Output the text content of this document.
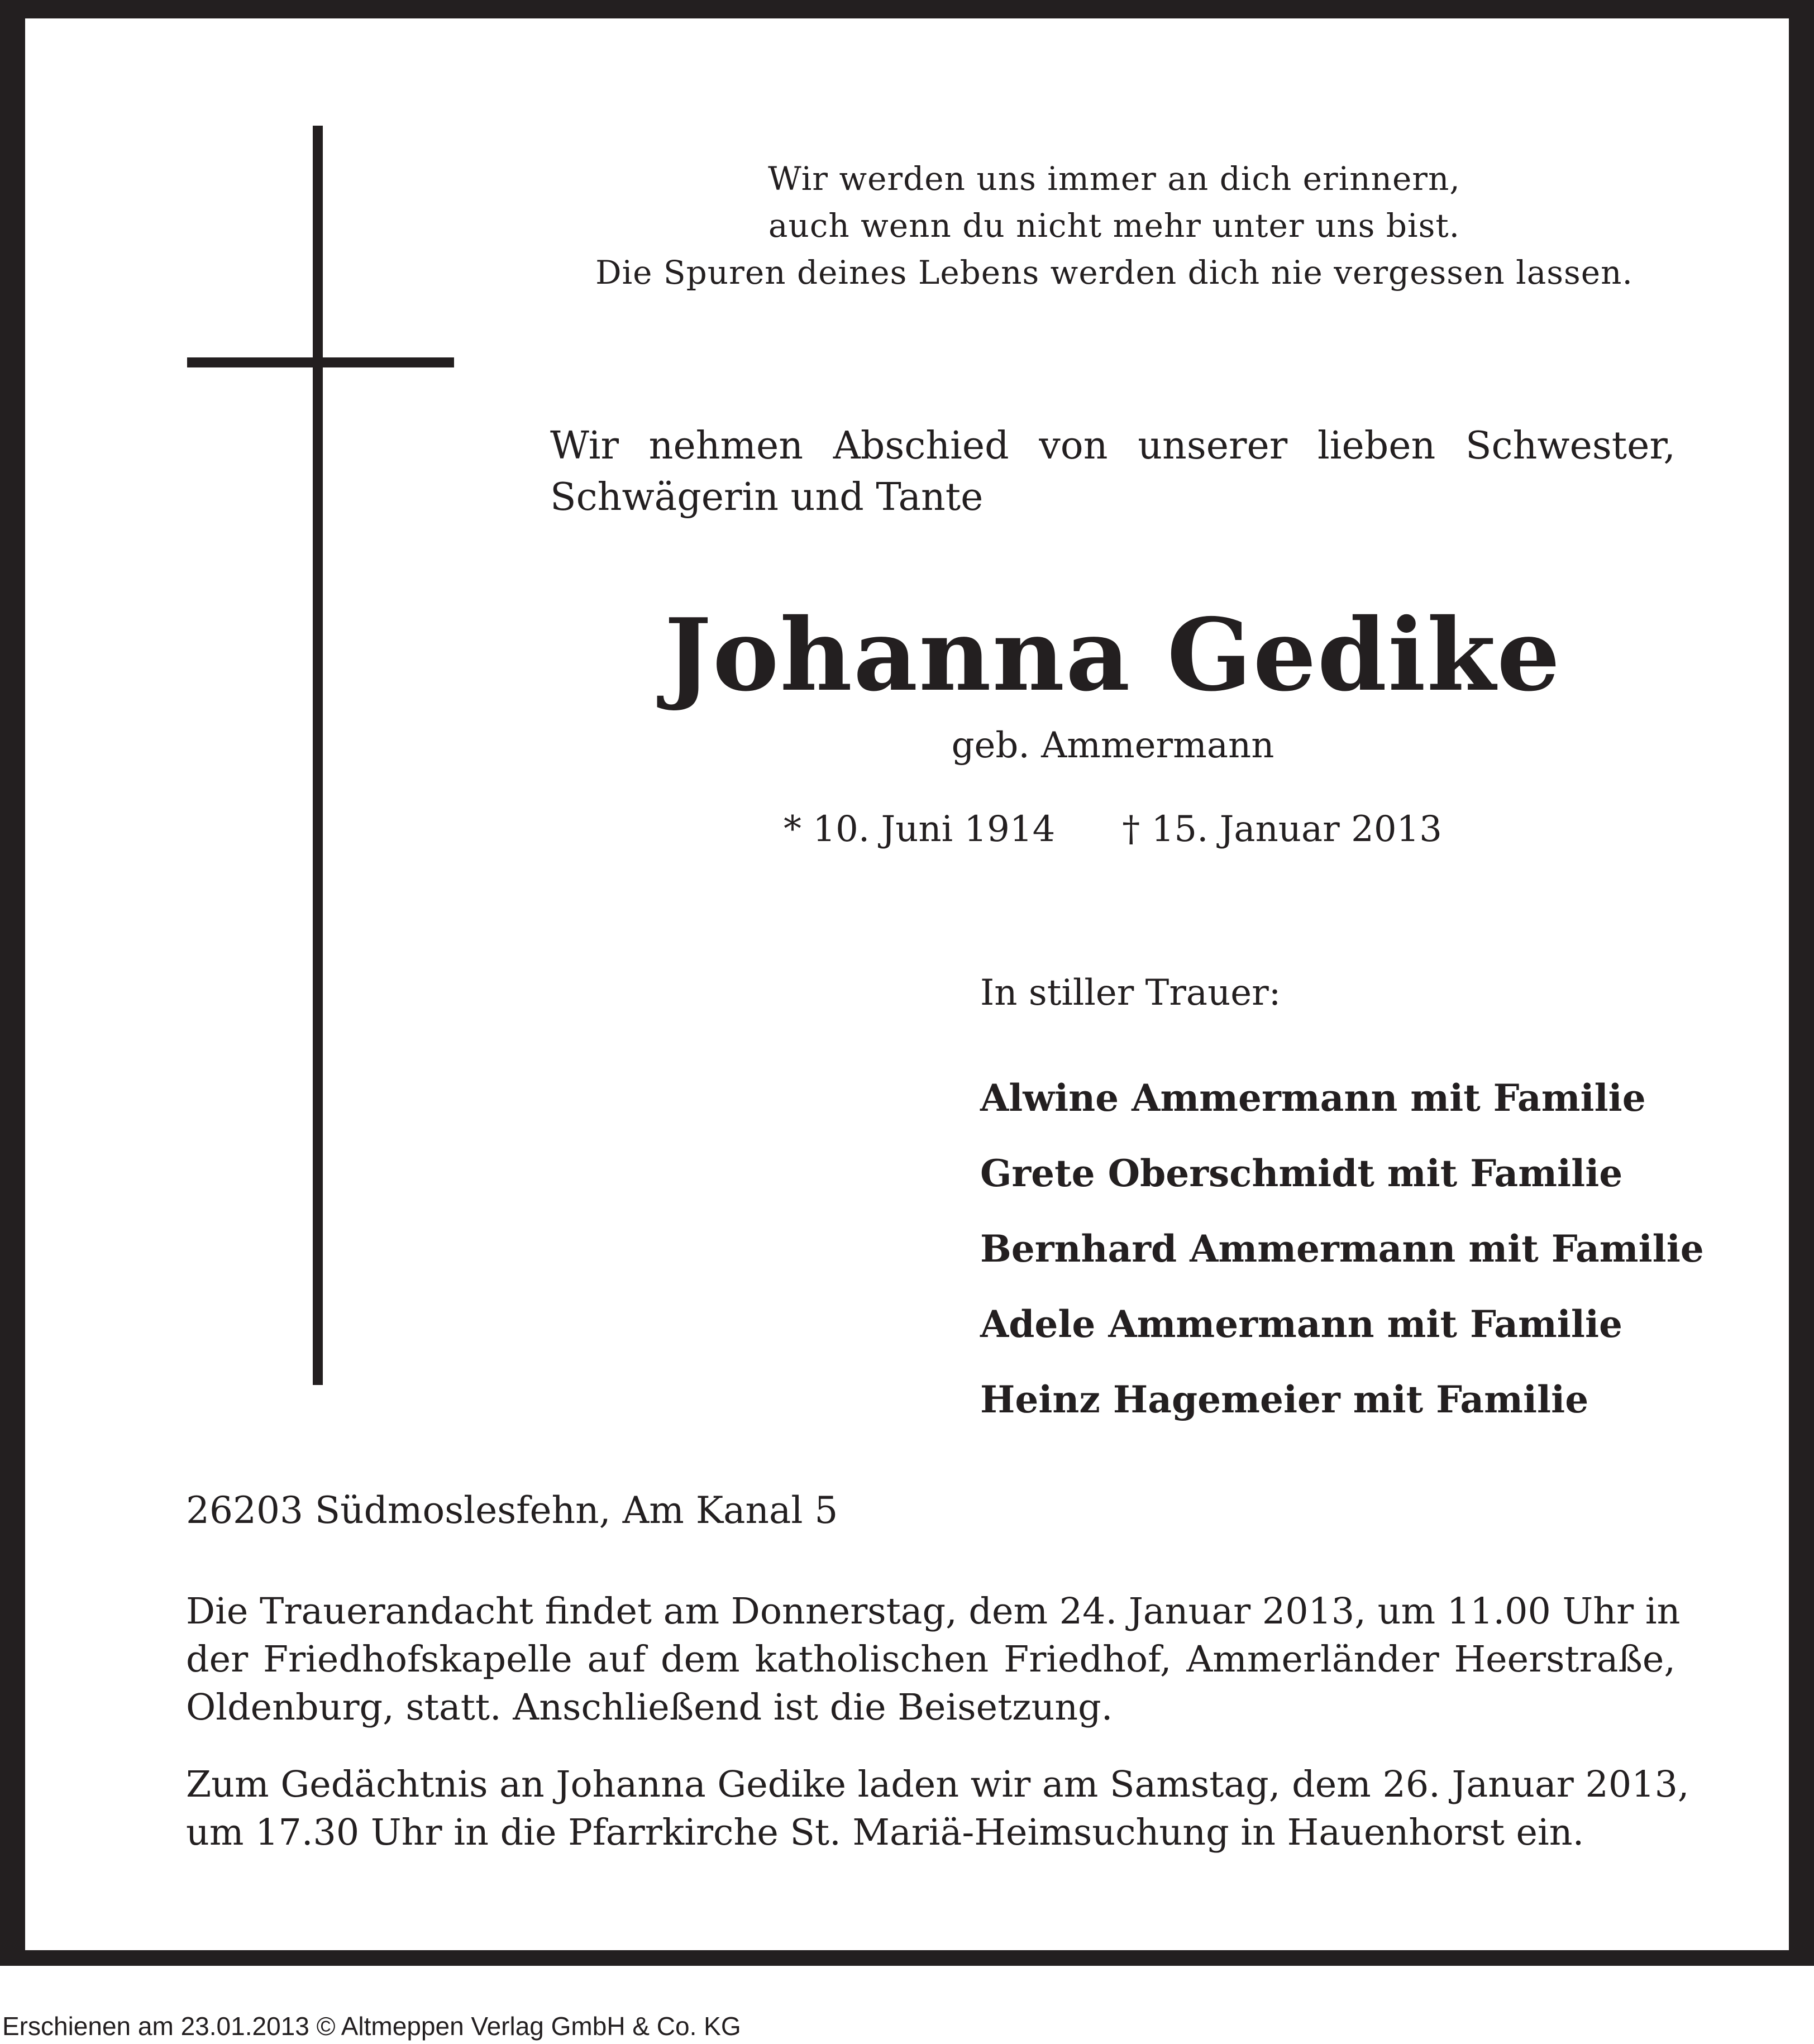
Wir werden uns immer an dich erinnern,
auch wenn du nicht mehr unter uns bist.
Die Spuren deines Lebens werden dich nie vergessen lassen.
Wir nehmen Abschied von unserer lieben Schwester,
Schwägerin und Tante
Johanna Gedike
geb. Ammermann
* 10. Juni 1914 † 15. Januar 2013
In stiller Trauer:
Alwine Ammermann mit Familie
Grete Oberschmidt mit Familie
Bernhard Ammermann mit Familie
Adele Ammermann mit Familie
Heinz Hagemeier mit Familie
26203 Südmoslesfehn, Am Kanal 5
Die Trauerandacht findet am Donnerstag, dem 24. Januar 2013, um 11.00 Uhr in
der Friedhofskapelle auf dem katholischen Friedhof, Ammerländer Heerstraße,
Oldenburg, statt. Anschließend ist die Beisetzung.
Zum Gedächtnis an Johanna Gedike laden wir am Samstag, dem 26. Januar 2013,
um 17.30 Uhr in die Pfarrkirche St. Mariä-Heimsuchung in Hauenhorst ein.
Erschienen am 23.01.2013 © Altmeppen Verlag GmbH & Co. KG
